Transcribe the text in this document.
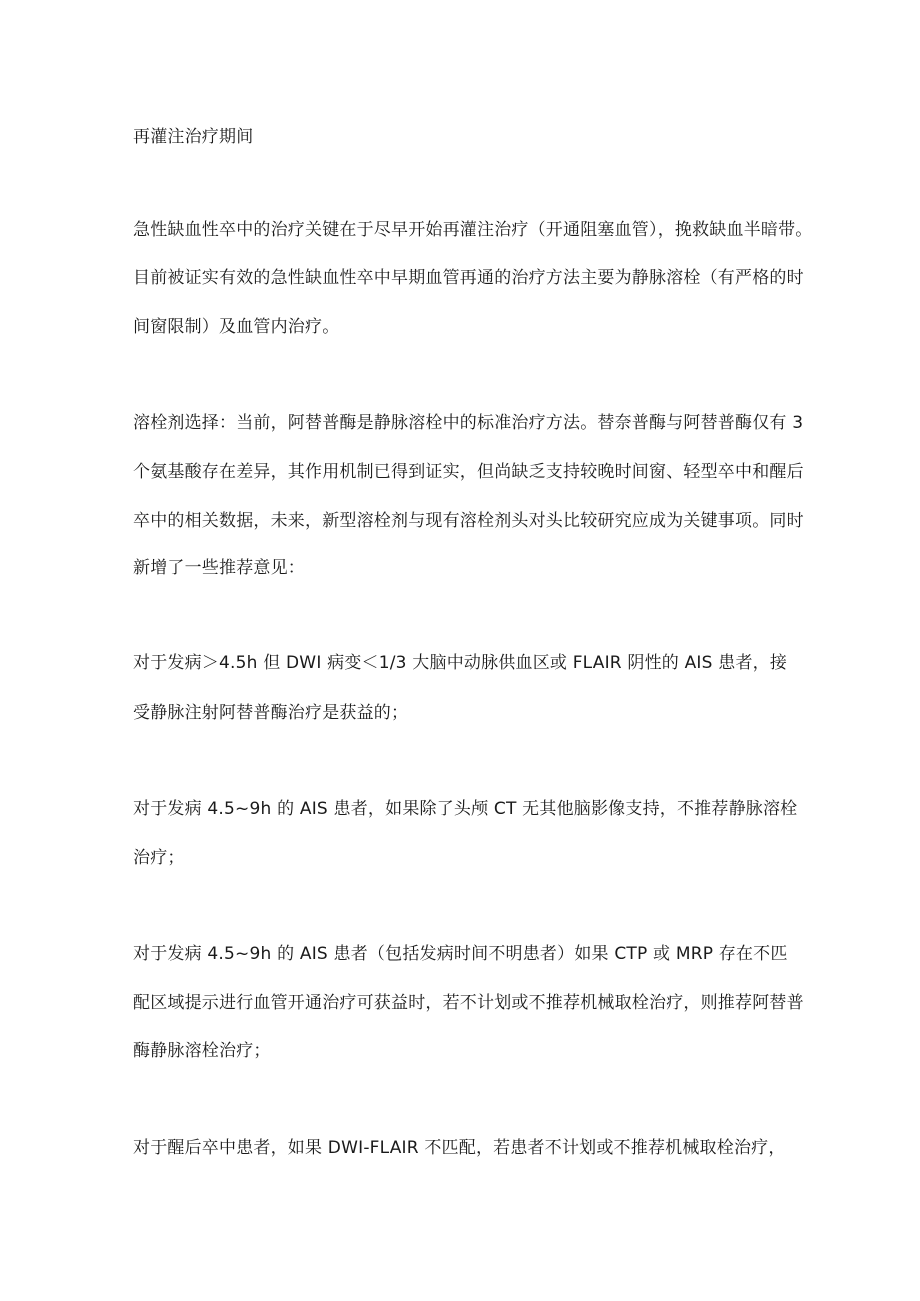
再灌注治疗期间
急性缺血性卒中的治疗关键在于尽早开始再灌注治疗（开通阻塞血管），挽救缺血半暗带。
目前被证实有效的急性缺血性卒中早期血管再通的治疗方法主要为静脉溶栓（有严格的时
间窗限制）及血管内治疗。
溶栓剂选择：当前，阿替普酶是静脉溶栓中的标准治疗方法。替奈普酶与阿替普酶仅有 3
个氨基酸存在差异，其作用机制已得到证实，但尚缺乏支持较晚时间窗、轻型卒中和醒后
卒中的相关数据，未来，新型溶栓剂与现有溶栓剂头对头比较研究应成为关键事项。同时
新增了一些推荐意见：
对于发病＞4.5h 但 DWI 病变＜1/3 大脑中动脉供血区或 FLAIR 阴性的 AIS 患者，接
受静脉注射阿替普酶治疗是获益的；
对于发病 4.5~9h 的 AIS 患者，如果除了头颅 CT 无其他脑影像支持，不推荐静脉溶栓
治疗；
对于发病 4.5~9h 的 AIS 患者（包括发病时间不明患者）如果 CTP 或 MRP 存在不匹
配区域提示进行血管开通治疗可获益时，若不计划或不推荐机械取栓治疗，则推荐阿替普
酶静脉溶栓治疗；
对于醒后卒中患者，如果 DWI-FLAIR 不匹配，若患者不计划或不推荐机械取栓治疗，
